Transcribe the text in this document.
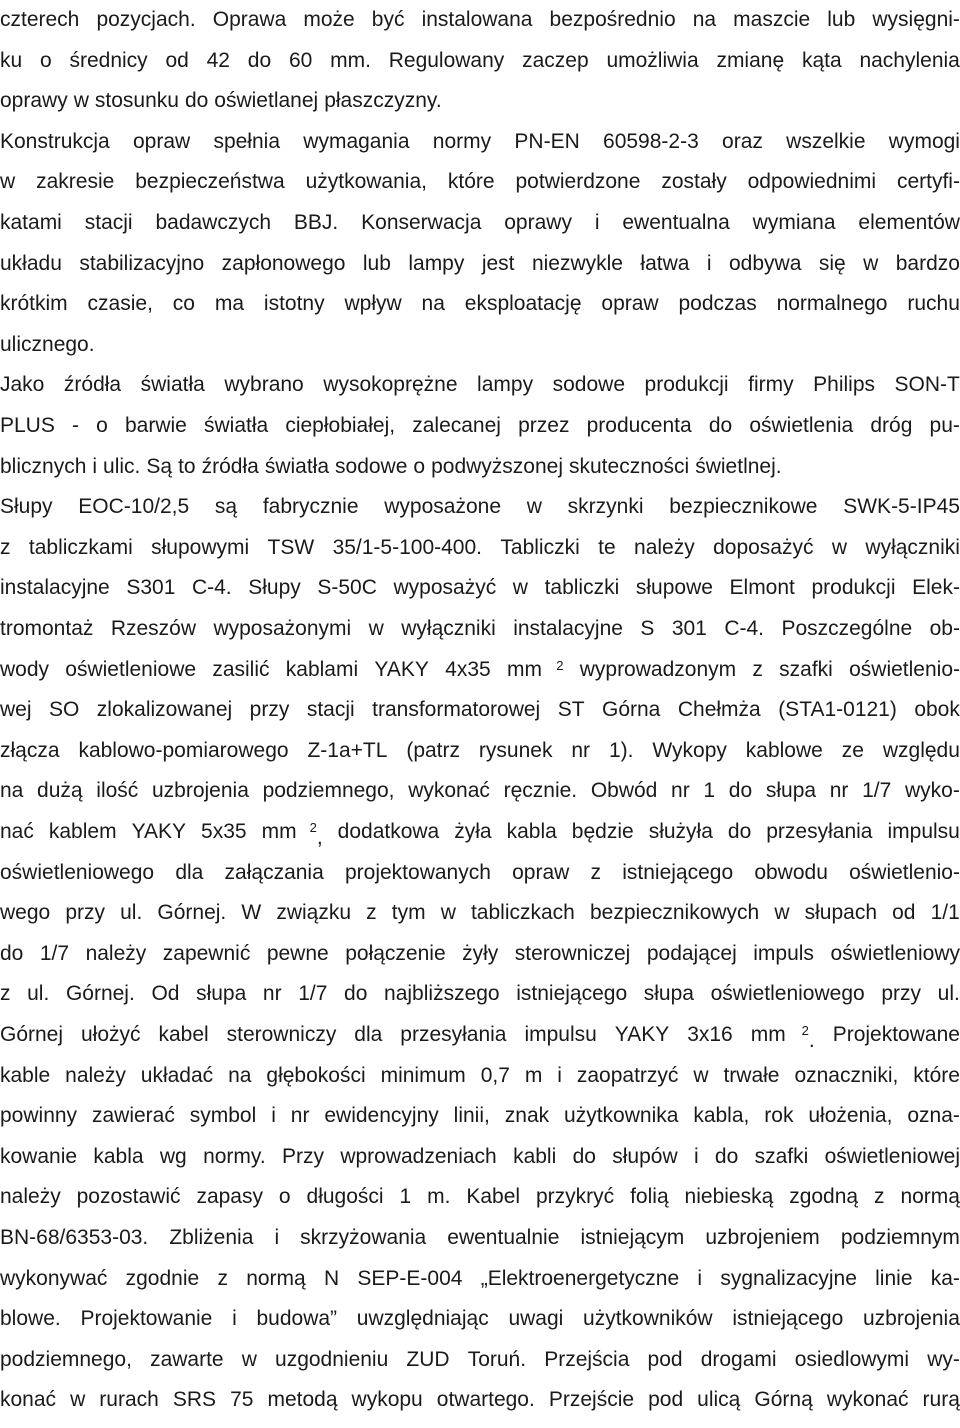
czterech pozycjach. Oprawa może być instalowana bezpośrednio na maszcie lub wysięgni-
ku o średnicy od 42 do 60 mm. Regulowany zaczep umożliwia zmianę kąta nachylenia
oprawy w stosunku do oświetlanej płaszczyzny.
Konstrukcja opraw spełnia wymagania normy PN-EN 60598-2-3 oraz wszelkie wymogi
w zakresie bezpieczeństwa użytkowania, które potwierdzone zostały odpowiednimi certyfi-
katami stacji badawczych BBJ. Konserwacja oprawy i ewentualna wymiana elementów
układu stabilizacyjno zapłonowego lub lampy jest niezwykle łatwa i odbywa się w bardzo
krótkim czasie, co ma istotny wpływ na eksploatację opraw podczas normalnego ruchu
ulicznego.
Jako źródła światła wybrano wysokoprężne lampy sodowe produkcji firmy Philips SON-T
PLUS - o barwie światła ciepłobiałej, zalecanej przez producenta do oświetlenia dróg pu-
blicznych i ulic. Są to źródła światła sodowe o podwyższonej skuteczności świetlnej.
Słupy EOC-10/2,5 są fabrycznie wyposażone w skrzynki bezpiecznikowe SWK-5-IP45
z tabliczkami słupowymi TSW 35/1-5-100-400. Tabliczki te należy doposażyć w wyłączniki
instalacyjne S301 C-4. Słupy S-50C wyposażyć w tabliczki słupowe Elmont produkcji Elek-
tromontaż Rzeszów wyposażonymi w wyłączniki instalacyjne S 301 C-4. Poszczególne ob-
wody oświetleniowe zasilić kablami YAKY 4x35 mm $^2$ wyprowadzonym z szafki oświetlenio-
wej SO zlokalizowanej przy stacji transformatorowej ST Górna Chełmża (STA1-0121) obok
złącza kablowo-pomiarowego Z-1a+TL (patrz rysunek nr 1). Wykopy kablowe ze względu
na dużą ilość uzbrojenia podziemnego, wykonać ręcznie. Obwód nr 1 do słupa nr 1/7 wyko-
nać kablem YAKY 5x35 mm $^2$, dodatkowa żyła kabla będzie służyła do przesyłania impulsu
oświetleniowego dla załączania projektowanych opraw z istniejącego obwodu oświetlenio-
wego przy ul. Górnej. W związku z tym w tabliczkach bezpiecznikowych w słupach od 1/1
do 1/7 należy zapewnić pewne połączenie żyły sterowniczej podającej impuls oświetleniowy
z ul. Górnej. Od słupa nr 1/7 do najbliższego istniejącego słupa oświetleniowego przy ul.
Górnej ułożyć kabel sterowniczy dla przesyłania impulsu YAKY 3x16 mm $^2$. Projektowane
kable należy układać na głębokości minimum 0,7 m i zaopatrzyć w trwałe oznaczniki, które
powinny zawierać symbol i nr ewidencyjny linii, znak użytkownika kabla, rok ułożenia, ozna-
kowanie kabla wg normy. Przy wprowadzeniach kabli do słupów i do szafki oświetleniowej
należy pozostawić zapasy o długości 1 m. Kabel przykryć folią niebieską zgodną z normą
BN-68/6353-03. Zbliżenia i skrzyżowania ewentualnie istniejącym uzbrojeniem podziemnym
wykonywać zgodnie z normą N SEP-E-004 „Elektroenergetyczne i sygnalizacyjne linie ka-
blowe. Projektowanie i budowa” uwzględniając uwagi użytkowników istniejącego uzbrojenia
podziemnego, zawarte w uzgodnieniu ZUD Toruń. Przejścia pod drogami osiedlowymi wy-
konać w rurach SRS 75 metodą wykopu otwartego. Przejście pod ulicą Górną wykonać rurą
